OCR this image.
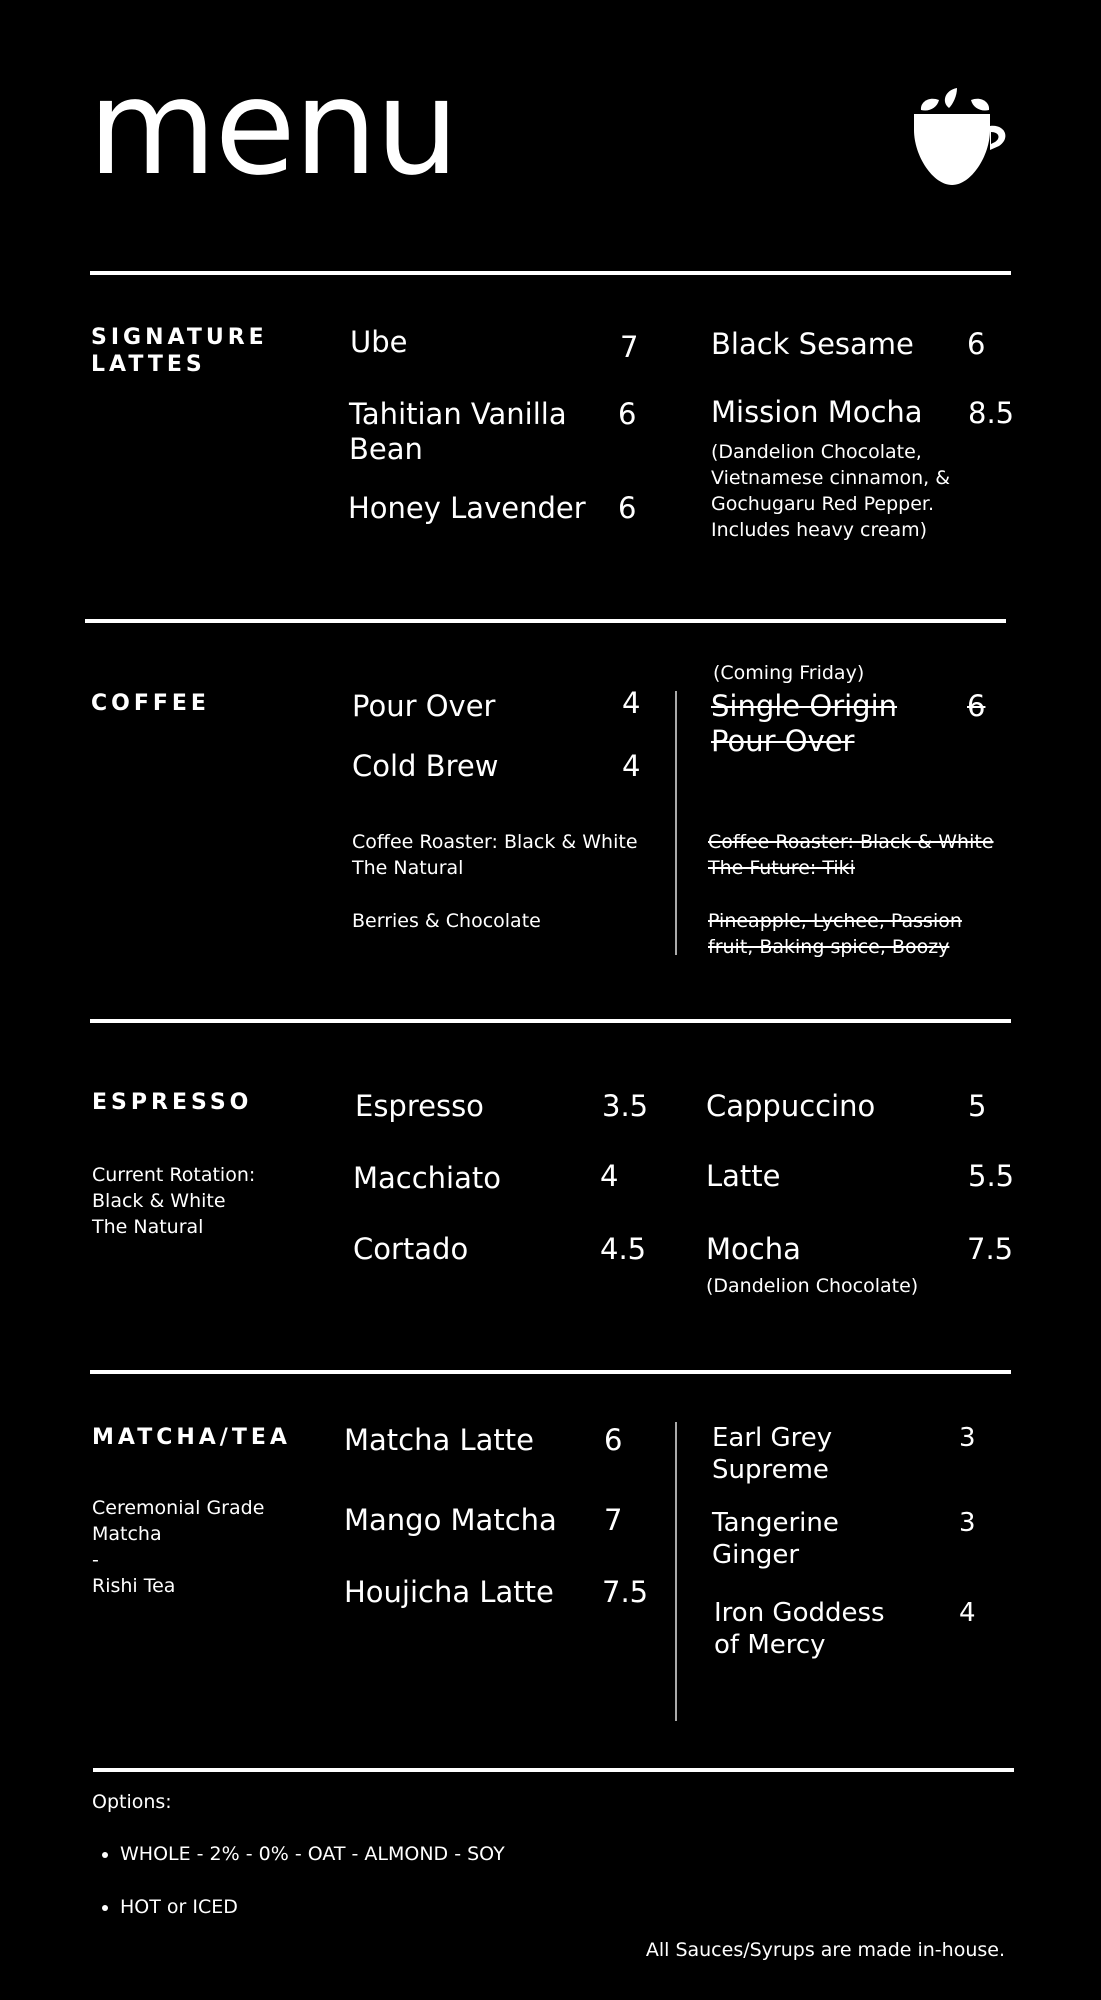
menu
SIGNATURE
LATTES
Ube	7
Tahitian Vanilla
Bean
6
Honey Lavender 6
Black Sesame 6
Mission Mocha 8.5
(Dandelion Chocolate,
Vietnamese cinnamon, &
Gochugaru Red Pepper.
Includes heavy cream)
COFFEE	Pour Over	4
Cold Brew	4
Coffee Roaster: Black & White
The Natural
Berries & Chocolate
(Coming Friday)
Single Origin
Pour Over
6
Coffee Roaster: Black & White
The Future: Tiki
Pineapple, Lychee, Passion
fruit, Baking spice, Boozy
ESPRESSO
Current Rotation:
Black & White
The Natural
Espresso	3.5
Macchiato	4
Cortado	4.5
Cappuccino	5
Latte	5.5
Mocha	7.5
(Dandelion Chocolate)
MATCHA/TEA
Ceremonial Grade
Matcha
-
Rishi Tea
Matcha Latte 6
Mango Matcha 7
Houjicha Latte 7.5
Earl Grey
Supreme
3
Tangerine
Ginger
3
Iron Goddess
of Mercy
4
Options:
• WHOLE - 2% - 0% - OAT - ALMOND - SOY
• HOT or ICED
All Sauces/Syrups are made in-house.
